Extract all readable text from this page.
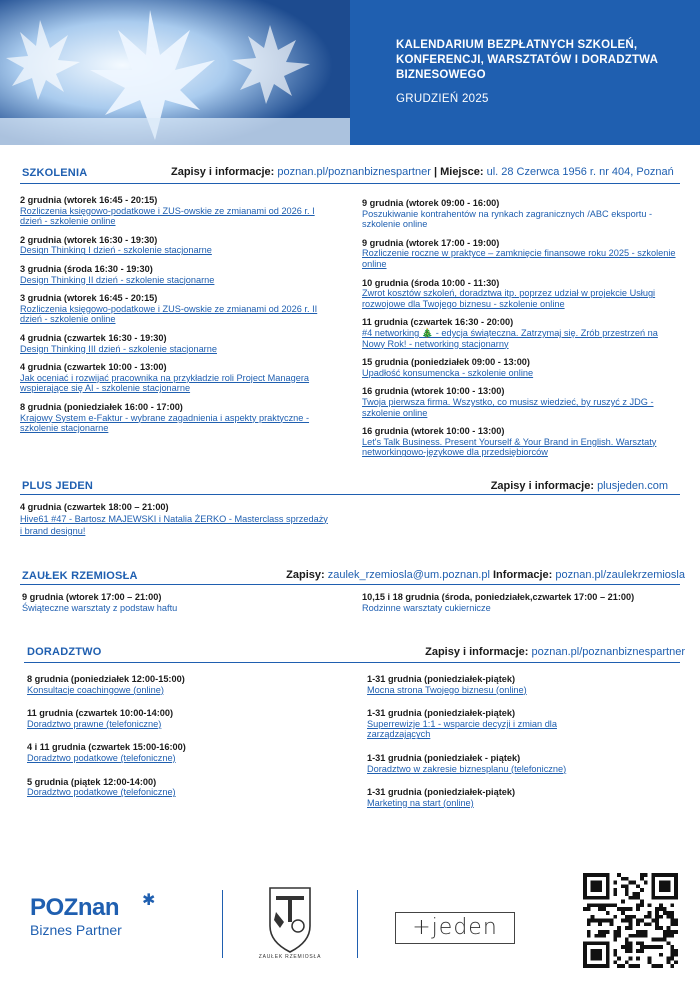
KALENDARIUM BEZPŁATNYCH SZKOLEŃ, KONFERENCJI, WARSZTATÓW I DORADZTWA BIZNESOWEGO
GRUDZIEŃ 2025
SZKOLENIA	Zapisy i informacje: poznan.pl/poznanbiznespartner | Miejsce: ul. 28 Czerwca 1956 r. nr 404, Poznań
2 grudnia (wtorek 16:45 - 20:15)
Rozliczenia księgowo-podatkowe i ZUS-owskie ze zmianami od 2026 r. I dzień - szkolenie online
2 grudnia (wtorek 16:30 - 19:30)
Design Thinking I dzień - szkolenie stacjonarne
3 grudnia (środa 16:30 - 19:30)
Design Thinking II dzień - szkolenie stacjonarne
3 grudnia (wtorek 16:45 - 20:15)
Rozliczenia księgowo-podatkowe i ZUS-owskie ze zmianami od 2026 r. II dzień - szkolenie online
4 grudnia (czwartek 16:30 - 19:30)
Design Thinking III dzień - szkolenie stacjonarne
4 grudnia (czwartek 10:00 - 13:00)
Jak oceniać i rozwijać pracownika na przykładzie roli Project Managera wspierające się AI - szkolenie stacjonarne
8 grudnia (poniedziałek 16:00 - 17:00)
Krajowy System e-Faktur - wybrane zagadnienia i aspekty praktyczne - szkolenie stacjonarne
9 grudnia (wtorek 09:00 - 16:00)
Poszukiwanie kontrahentów na rynkach zagranicznych /ABC eksportu - szkolenie online
9 grudnia (wtorek 17:00 - 19:00)
Rozliczenie roczne w praktyce – zamknięcie finansowe roku 2025 - szkolenie online
10 grudnia (środa 10:00 - 11:30)
Zwrot kosztów szkoleń, doradztwa itp. poprzez udział w projekcie Usługi rozwojowe dla Twojego biznesu - szkolenie online
11 grudnia (czwartek 16:30 - 20:00)
#4 networking 🎄 - edycja świąteczna. Zatrzymaj się. Zrób przestrzeń na Nowy Rok! - networking stacjonarny
15 grudnia (poniedziałek 09:00 - 13:00)
Upadłość konsumencka - szkolenie online
16 grudnia (wtorek 10:00 - 13:00)
Twoja pierwsza firma. Wszystko, co musisz wiedzieć, by ruszyć z JDG - szkolenie online
16 grudnia (wtorek 10:00 - 13:00)
Let's Talk Business. Present Yourself & Your Brand in English. Warsztaty networkingowo-językowe dla przedsiębiorców
PLUS JEDEN	Zapisy i informacje: plusjeden.com
4 grudnia (czwartek 18:00 – 21:00)
Hive61 #47 - Bartosz MAJEWSKI i Natalia ŻERKO - Masterclass sprzedaży i brand designu!
ZAUŁEK RZEMIOSŁA	Zapisy: zaulek_rzemiosla@um.poznan.pl Informacje: poznan.pl/zaulekrzemiosla
9 grudnia (wtorek 17:00 – 21:00)
Świąteczne warsztaty z podstaw haftu
10,15 i 18 grudnia (środa, poniedziałek,czwartek 17:00 – 21:00)
Rodzinne warsztaty cukiernicze
DORADZTWO	Zapisy i informacje: poznan.pl/poznanbiznespartner
8 grudnia (poniedziałek 12:00-15:00)
Konsultacje coachingowe (online)
11 grudnia (czwartek 10:00-14:00)
Doradztwo prawne (telefoniczne)
4 i 11 grudnia (czwartek 15:00-16:00)
Doradztwo podatkowe (telefoniczne)
5 grudnia (piątek 12:00-14:00)
Doradztwo podatkowe (telefoniczne)
1-31 grudnia (poniedziałek-piątek)
Mocna strona Twojego biznesu (online)
1-31 grudnia (poniedziałek-piątek)
Superrewizje 1:1 - wsparcie decyzji i zmian dla zarządzających
1-31 grudnia (poniedziałek - piątek)
Doradztwo w zakresie biznesplanu (telefoniczne)
1-31 grudnia (poniedziałek-piątek)
Marketing na start (online)
POZnan
Biznes Partner
✱
ZAUŁEK RZEMIOSŁA
+jeden
